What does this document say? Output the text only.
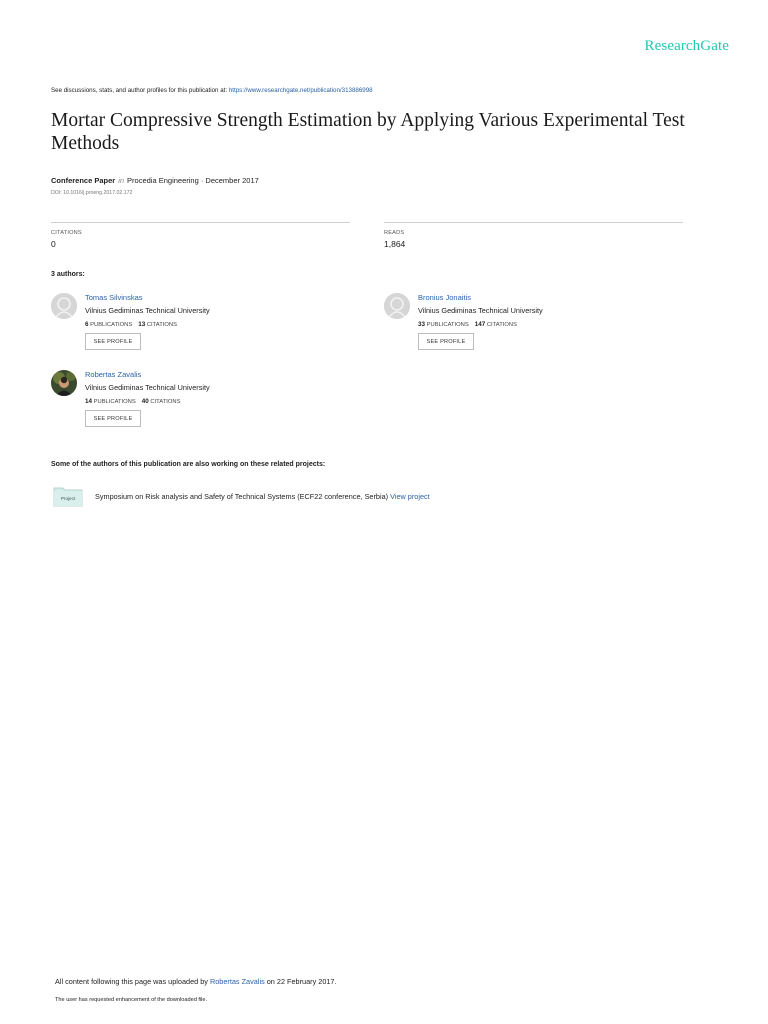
ResearchGate
See discussions, stats, and author profiles for this publication at: https://www.researchgate.net/publication/313886998
Mortar Compressive Strength Estimation by Applying Various Experimental Test Methods
Conference Paper in Procedia Engineering · December 2017
DOI: 10.1016/j.proeng.2017.02.172
CITATIONS
0
READS
1,864
3 authors:
Tomas Silvinskas
Vilnius Gediminas Technical University
6 PUBLICATIONS 13 CITATIONS
SEE PROFILE
Bronius Jonaitis
Vilnius Gediminas Technical University
33 PUBLICATIONS 147 CITATIONS
SEE PROFILE
Robertas Zavalis
Vilnius Gediminas Technical University
14 PUBLICATIONS 40 CITATIONS
SEE PROFILE
Some of the authors of this publication are also working on these related projects:
Project	Symposium on Risk analysis and Safety of Technical Systems (ECF22 conference, Serbia) View project
All content following this page was uploaded by Robertas Zavalis on 22 February 2017.
The user has requested enhancement of the downloaded file.
